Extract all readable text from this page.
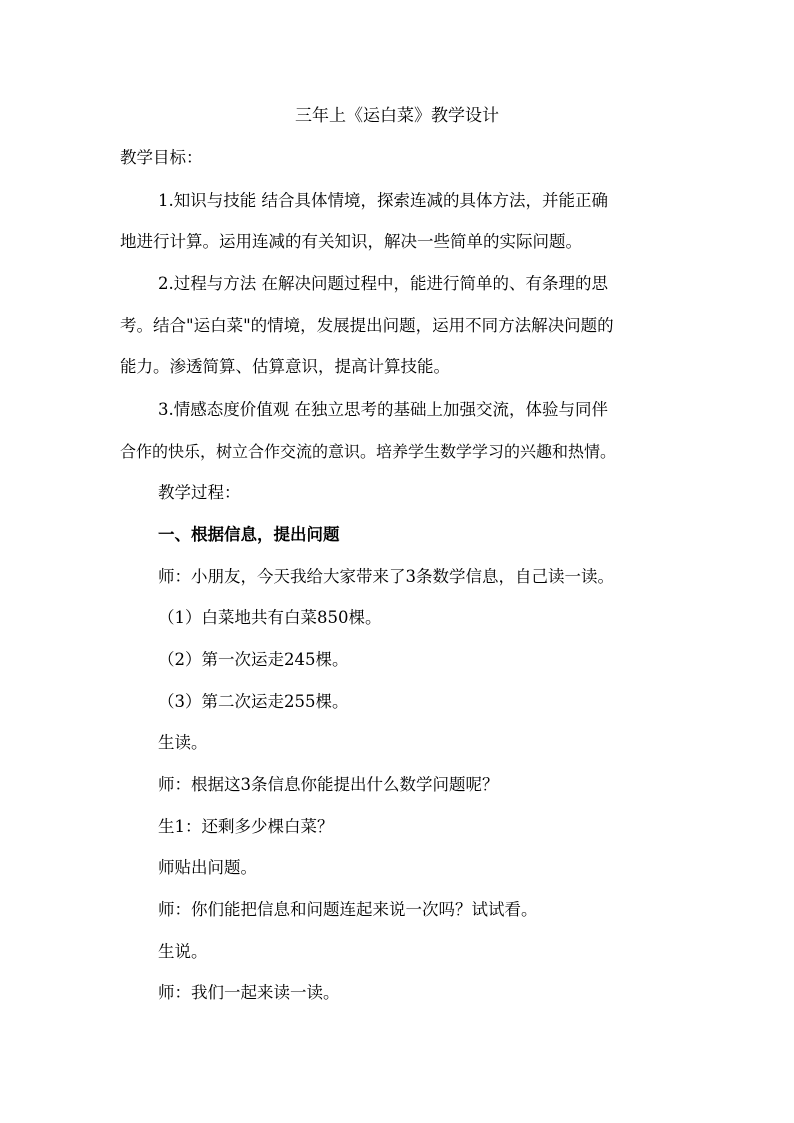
三年上《运白菜》教学设计
教学目标：
1.知识与技能 结合具体情境，探索连减的具体方法，并能正确
地进行计算。运用连减的有关知识，解决一些简单的实际问题。
2.过程与方法 在解决问题过程中，能进行简单的、有条理的思
考。结合"运白菜"的情境，发展提出问题，运用不同方法解决问题的
能力。渗透简算、估算意识，提高计算技能。
3.情感态度价值观 在独立思考的基础上加强交流，体验与同伴
合作的快乐，树立合作交流的意识。培养学生数学学习的兴趣和热情。
教学过程：
一、根据信息，提出问题
师：小朋友，今天我给大家带来了3条数学信息，自己读一读。
（1）白菜地共有白菜850棵。
（2）第一次运走245棵。
（3）第二次运走255棵。
生读。
师：根据这3条信息你能提出什么数学问题呢？
生1：还剩多少棵白菜？
师贴出问题。
师：你们能把信息和问题连起来说一次吗？试试看。
生说。
师：我们一起来读一读。
